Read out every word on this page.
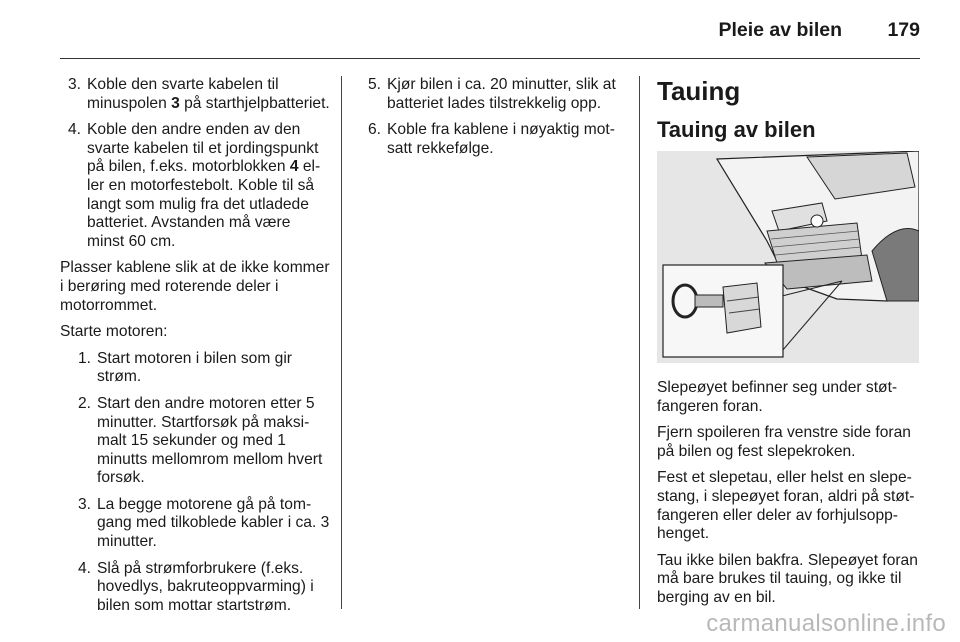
Pleie av bilen 179
3. Koble den svarte kabelen til minuspolen 3 på starthjelpbatteriet.
4. Koble den andre enden av den svarte kabelen til et jordingspunkt på bilen, f.eks. motorblokken 4 eller en motorfestebolt. Koble til så langt som mulig fra det utladede batteriet. Avstanden må være minst 60 cm.

Plasser kablene slik at de ikke kommer i berøring med roterende deler i motorrommet.

Starte motoren:

1. Start motoren i bilen som gir strøm.
2. Start den andre motoren etter 5 minutter. Startforsøk på maksimalt 15 sekunder og med 1 minutts mellomrom mellom hvert forsøk.
3. La begge motorene gå på tomgang med tilkoblede kabler i ca. 3 minutter.
4. Slå på strømforbrukere (f.eks. hovedlys, bakruteoppvarming) i bilen som mottar startstrøm.
5. Kjør bilen i ca. 20 minutter, slik at batteriet lades tilstrekkelig opp.
6. Koble fra kablene i nøyaktig motsatt rekkefølge.
Tauing
Tauing av bilen

Slepeøyet befinner seg under støtfangeren foran.

Fjern spoileren fra venstre side foran på bilen og fest slepekroken.

Fest et slepetau, eller helst en slepestang, i slepeøyet foran, aldri på støtfangeren eller deler av forhjulsopphenget.

Tau ikke bilen bakfra. Slepeøyet foran må bare brukes til tauing, og ikke til berging av en bil.

carmanualsonline.info
